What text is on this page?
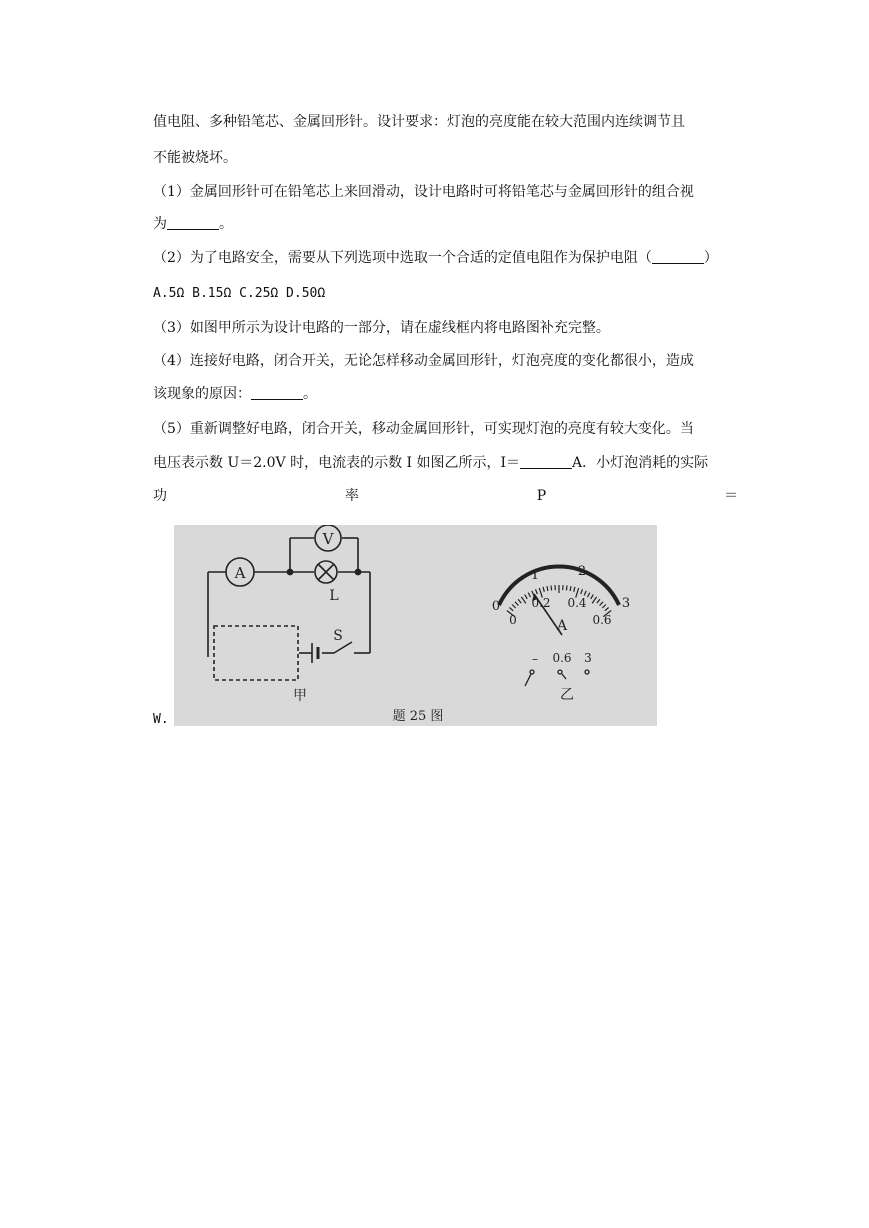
值电阻、多种铅笔芯、金属回形针。设计要求：灯泡的亮度能在较大范围内连续调节且
不能被烧坏。
（1）金属回形针可在铅笔芯上来回滑动，设计电路时可将铅笔芯与金属回形针的组合视
为	。
（2）为了电路安全，需要从下列选项中选取一个合适的定值电阻作为保护电阻（	）
A.5Ω B.15Ω C.25Ω D.50Ω
（3）如图甲所示为设计电路的一部分，请在虚线框内将电路图补充完整。
（4）连接好电路，闭合开关，无论怎样移动金属回形针，灯泡亮度的变化都很小，造成
该现象的原因：	。
（5）重新调整好电路，闭合开关，移动金属回形针，可实现灯泡的亮度有较大变化。当
电压表示数 U＝2.0V 时，电流表的示数 I 如图乙所示，I＝	A．小灯泡消耗的实际
功	率	P	＝
W.
A
V
L
S
甲
0
1	2
3
0
0.2 0.4
0.6
A
– 0.6 3
乙
题 25 图
